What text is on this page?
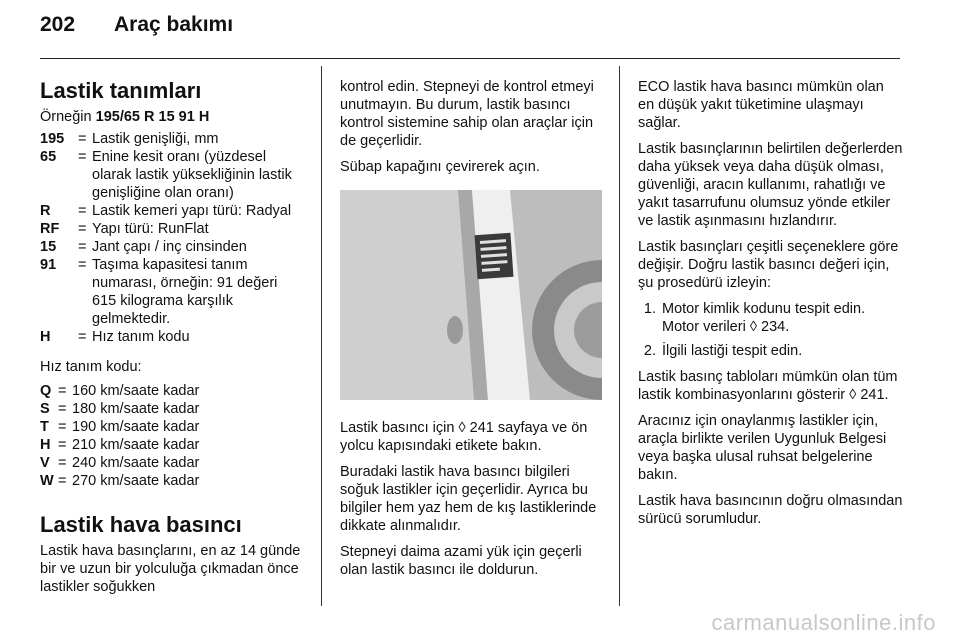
202 Araç bakımı
Lastik tanımları

Örneğin 195/65 R 15 91 H

195 = Lastik genişliği, mm
65	= Enine kesit oranı (yüzdesel olarak lastik yüksekliğinin lastik genişliğine olan oranı)
R	= Lastik kemeri yapı türü: Radyal
RF	= Yapı türü: RunFlat
15	= Jant çapı / inç cinsinden
91	= Taşıma kapasitesi tanım numarası, örneğin: 91 değeri 615 kilograma karşılık gelmektedir.
H	= Hız tanım kodu

Hız tanım kodu:

Q = 160 km/saate kadar
S = 180 km/saate kadar
T = 190 km/saate kadar
H = 210 km/saate kadar
V = 240 km/saate kadar
W = 270 km/saate kadar
Lastik hava basıncı

Lastik hava basınçlarını, en az 14 günde bir ve uzun bir yolculuğa çıkmadan önce lastikler soğukken

kontrol edin. Stepneyi de kontrol etmeyi unutmayın. Bu durum, lastik basıncı kontrol sistemine sahip olan araçlar için de geçerlidir.

Sübap kapağını çevirerek açın.

Lastik basıncı için ◊ 241 sayfaya ve ön yolcu kapısındaki etikete bakın.

Buradaki lastik hava basıncı bilgileri soğuk lastikler için geçerlidir. Ayrıca bu bilgiler hem yaz hem de kış lastiklerinde dikkate alınmalıdır.

Stepneyi daima azami yük için geçerli olan lastik basıncı ile doldurun.

ECO lastik hava basıncı mümkün olan en düşük yakıt tüketimine ulaşmayı sağlar.

Lastik basınçlarının belirtilen değerlerden daha yüksek veya daha düşük olması, güvenliği, aracın kullanımı, rahatlığı ve yakıt tasarrufunu olumsuz yönde etkiler ve lastik aşınmasını hızlandırır.

Lastik basınçları çeşitli seçeneklere göre değişir. Doğru lastik basıncı değeri için, şu prosedürü izleyin:

1. Motor kimlik kodunu tespit edin. Motor verileri ◊ 234.
2. İlgili lastiği tespit edin.

Lastik basınç tabloları mümkün olan tüm lastik kombinasyonlarını gösterir ◊ 241.

Aracınız için onaylanmış lastikler için, araçla birlikte verilen Uygunluk Belgesi veya başka ulusal ruhsat belgelerine bakın.

Lastik hava basıncının doğru olmasından sürücü sorumludur.

carmanualsonline.info
